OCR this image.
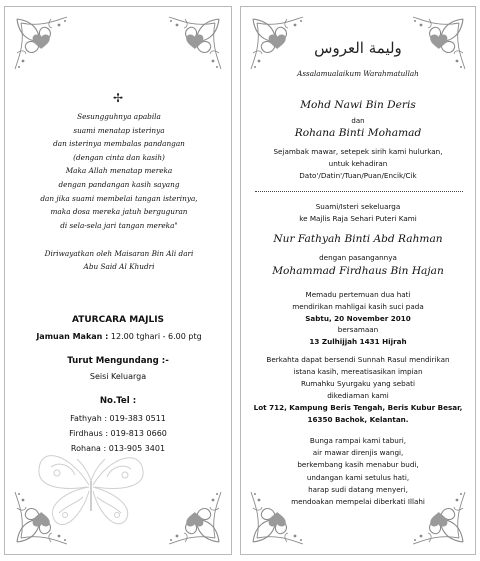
✢
Sesungguhnya apabila
suami menatap isterinya
dan isterinya membalas pandangan
(dengan cinta dan kasih)
Maka Allah menatap mereka
dengan pandangan kasih sayang
dan jika suami membelai tangan isterinya,
maka dosa mereka jatuh berguguran
di sela-sela jari tangan mereka"
Diriwayatkan oleh Maisaran Bin Ali dari
Abu Said Al Khudri
ATURCARA MAJLIS
Jamuan Makan : 12.00 tghari - 6.00 ptg
Turut Mengundang :-
Seisi Keluarga
No.Tel :
Fathyah : 019-383 0511
Firdhaus : 019-813 0660
Rohana : 013-905 3401
وليمة العروس
Assalamualaikum Warahmatullah
Mohd Nawi Bin Deris
dan
Rohana Binti Mohamad
Sejambak mawar, setepek sirih kami hulurkan,
untuk kehadiran
Dato'/Datin'/Tuan/Puan/Encik/Cik
Suami/Isteri sekeluarga
ke Majlis Raja Sehari Puteri Kami
Nur Fathyah Binti Abd Rahman
dengan pasangannya
Mohammad Firdhaus Bin Hajan
Memadu pertemuan dua hati
mendirikan mahligai kasih suci pada
Sabtu, 20 November 2010
bersamaan
13 Zulhijjah 1431 Hijrah
Berkahta dapat bersendi Sunnah Rasul mendirikan
istana kasih, mereatisasikan impian
Rumahku Syurgaku yang sebati
dikediaman kami
Lot 712, Kampung Beris Tengah, Beris Kubur Besar,
16350 Bachok, Kelantan.
Bunga rampai kami taburi,
air mawar direnjis wangi,
berkembang kasih menabur budi,
undangan kami setulus hati,
harap sudi datang menyeri,
mendoakan mempelai diberkati Illahi
